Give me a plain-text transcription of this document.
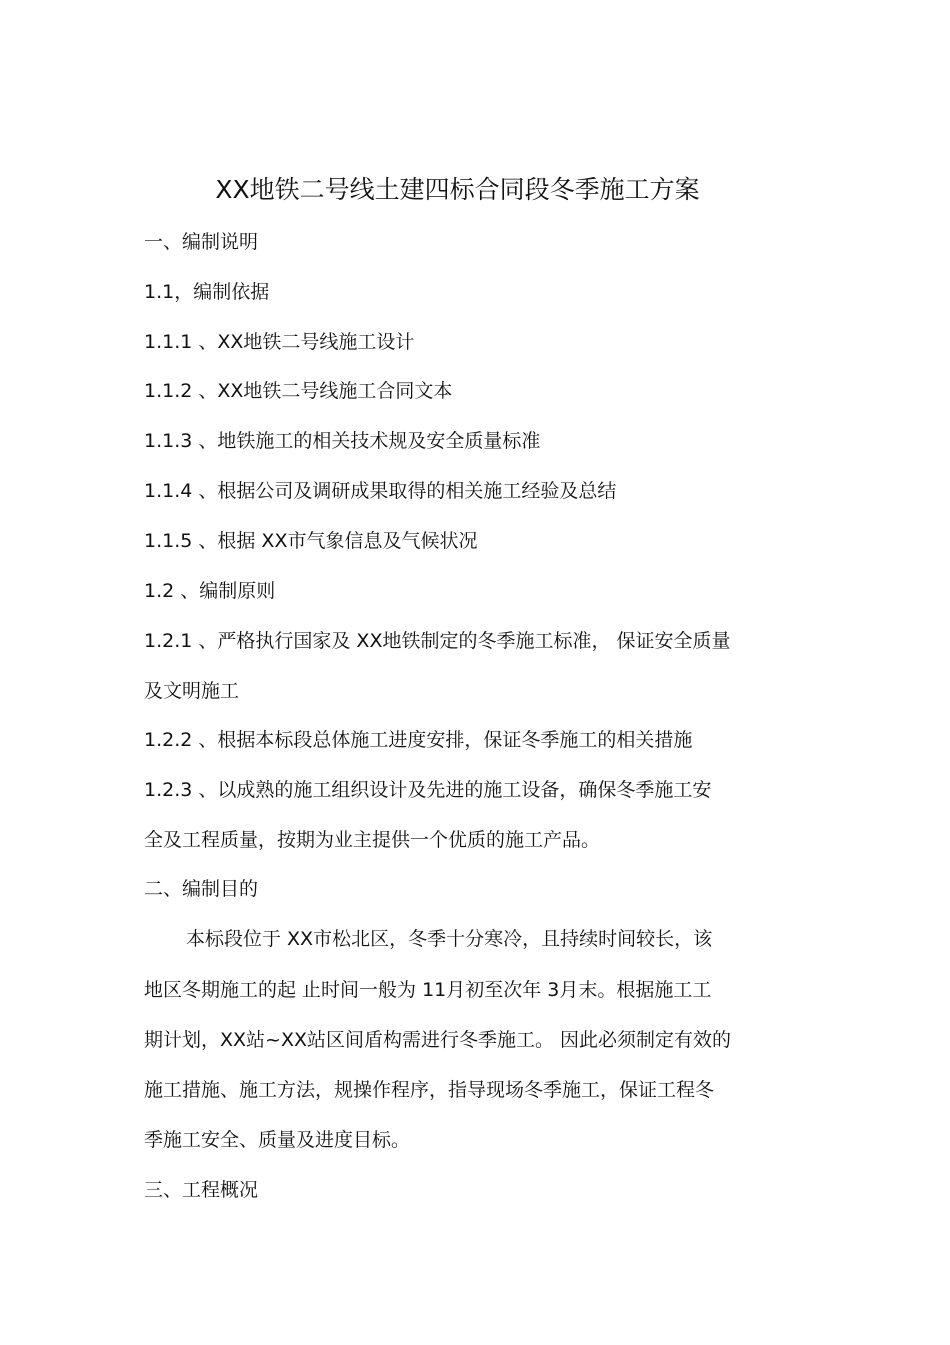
XX地铁二号线土建四标合同段冬季施工方案
一、编制说明
1.1，编制依据
1.1.1 、XX地铁二号线施工设计
1.1.2 、XX地铁二号线施工合同文本
1.1.3 、地铁施工的相关技术规及安全质量标准
1.1.4 、根据公司及调研成果取得的相关施工经验及总结
1.1.5 、根据 XX市气象信息及气候状况
1.2 、编制原则
1.2.1 、严格执行国家及 XX地铁制定的冬季施工标准， 保证安全质量
及文明施工
1.2.2 、根据本标段总体施工进度安排，保证冬季施工的相关措施
1.2.3 、以成熟的施工组织设计及先进的施工设备，确保冬季施工安
全及工程质量，按期为业主提供一个优质的施工产品。
二、编制目的
本标段位于 XX市松北区，冬季十分寒冷，且持续时间较长，该
地区冬期施工的起 止时间一般为 11月初至次年 3月末。根据施工工
期计划，XX站~XX站区间盾构需进行冬季施工。 因此必须制定有效的
施工措施、施工方法，规操作程序，指导现场冬季施工，保证工程冬
季施工安全、质量及进度目标。
三、工程概况
